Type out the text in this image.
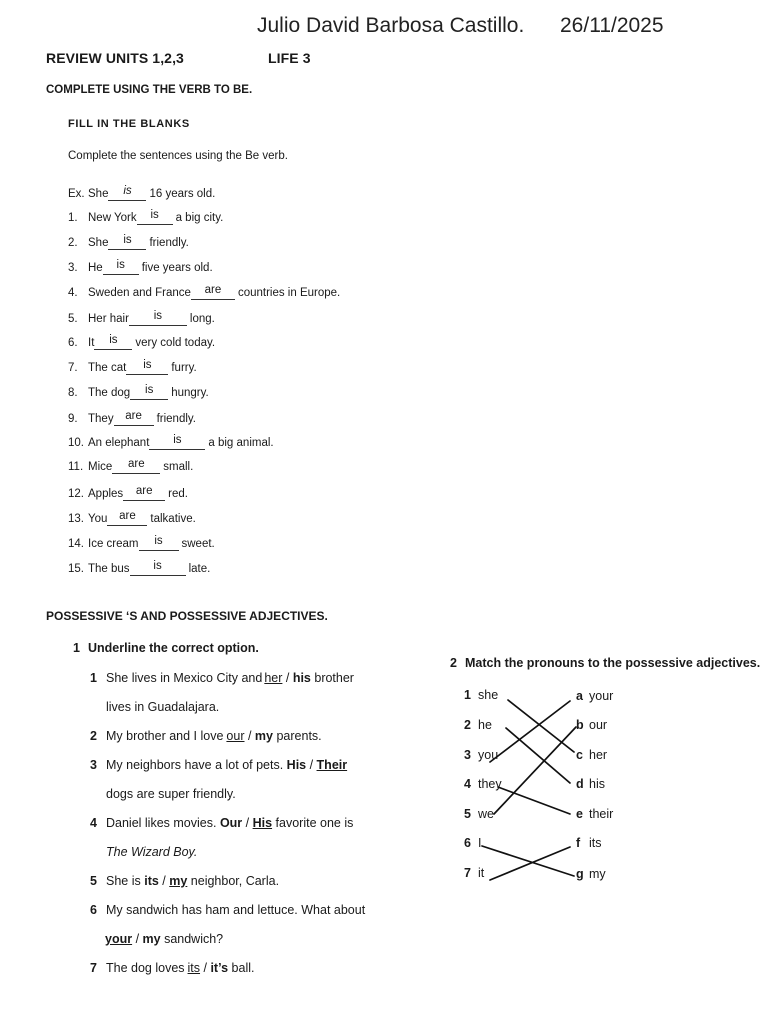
Julio David Barbosa Castillo. 26/11/2025
REVIEW UNITS 1,2,3	LIFE 3
COMPLETE USING THE VERB TO BE.
FILL IN THE BLANKS
Complete the sentences using the Be verb.
Ex. She is 16 years old.
1. New York is a big city.
2. She is friendly.
3. He is five years old.
4. Sweden and France are countries in Europe.
5. Her hair is long.
6. It is very cold today.
7. The cat is furry.
8. The dog is hungry.
9. They are friendly.
10. An elephant is a big animal.
11. Mice are small.
12. Apples are red.
13. You are talkative.
14. Ice cream is sweet.
15. The bus is late.
POSSESSIVE ‘S AND POSSESSIVE ADJECTIVES.
1 Underline the correct option.
1 She lives in Mexico City and her / his brother
lives in Guadalajara.
2 My brother and I love our / my parents.
3 My neighbors have a lot of pets. His / Their
dogs are super friendly.
4 Daniel likes movies. Our / His favorite one is
The Wizard Boy.
5 She is its / my neighbor, Carla.
6 My sandwich has ham and lettuce. What about
your / my sandwich?
7 The dog loves its / it’s ball.
2 Match the pronouns to the possessive adjectives.
1 she
2 he
3 you
4 they
5 we
6 I
7 it
a your
b our
c her
d his
e their
f its
g my
